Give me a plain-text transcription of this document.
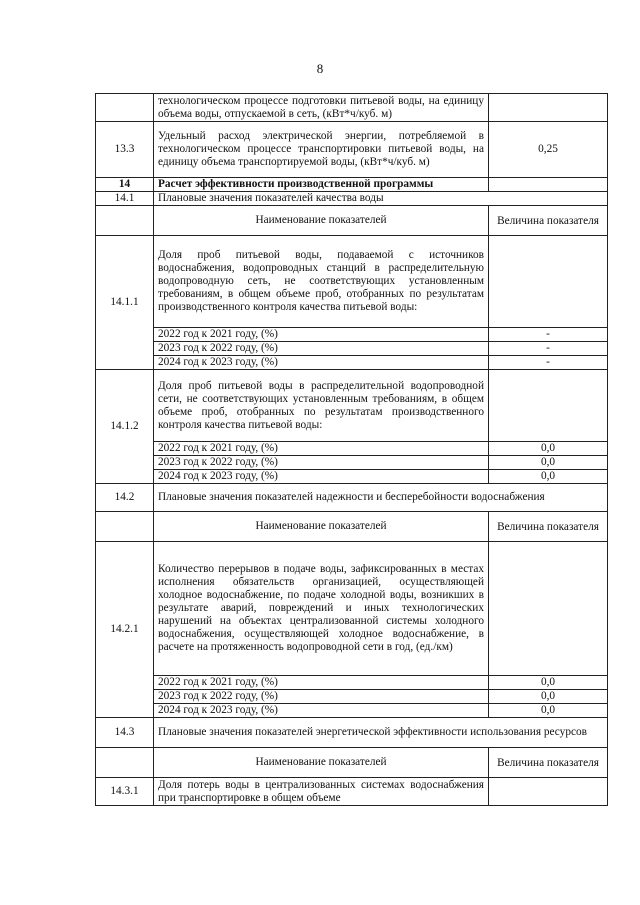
8
	технологическом процессе подготовки питьевой воды, на единицу объема воды, отпускаемой в сеть, (кВт*ч/куб. м)	
13.3	Удельный расход электрической энергии, потребляемой в технологическом процессе транспортировки питьевой воды, на единицу объема транспортируемой воды, (кВт*ч/куб. м)	0,25
14	Расчет эффективности производственной программы	
14.1	Плановые значения показателей качества воды	
	Наименование показателей	Величина показателя
14.1.1	Доля проб питьевой воды, подаваемой с источников водоснабжения, водопроводных станций в распределительную водопроводную сеть, не соответствующих установленным требованиям, в общем объеме проб, отобранных по результатам производственного контроля качества питьевой воды:	
	2022 год к 2021 году, (%)	-
	2023 год к 2022 году, (%)	-
	2024 год к 2023 году, (%)	-
14.1.2	Доля проб питьевой воды в распределительной водопроводной сети, не соответствующих установленным требованиям, в общем объеме проб, отобранных по результатам производственного контроля качества питьевой воды:	
	2022 год к 2021 году, (%)	0,0
	2023 год к 2022 году, (%)	0,0
	2024 год к 2023 году, (%)	0,0
14.2	Плановые значения показателей надежности и бесперебойности водоснабжения	
	Наименование показателей	Величина показателя
14.2.1	Количество перерывов в подаче воды, зафиксированных в местах исполнения обязательств организацией, осуществляющей холодное водоснабжение, по подаче холодной воды, возникших в результате аварий, повреждений и иных технологических нарушений на объектах централизованной системы холодного водоснабжения, осуществляющей холодное водоснабжение, в расчете на протяженность водопроводной сети в год, (ед./км)	
	2022 год к 2021 году, (%)	0,0
	2023 год к 2022 году, (%)	0,0
	2024 год к 2023 году, (%)	0,0
14.3	Плановые значения показателей энергетической эффективности использования ресурсов	
	Наименование показателей	Величина показателя
14.3.1	Доля потерь воды в централизованных системах водоснабжения при транспортировке в общем объеме	
